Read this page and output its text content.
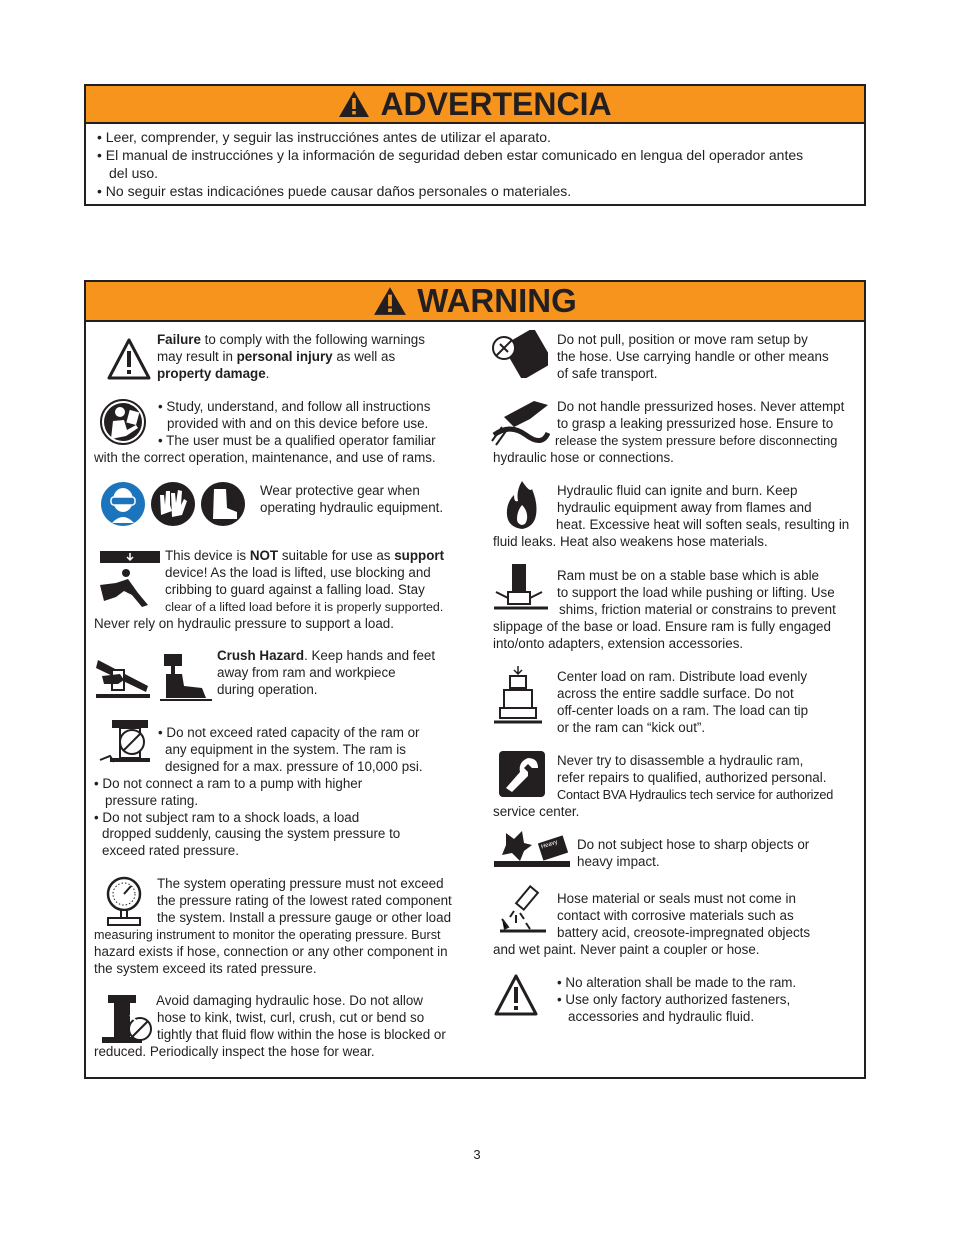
ADVERTENCIA
• Leer, comprender, y seguir las instrucciónes antes de utilizar el aparato.
• El manual de instrucciónes y la información de seguridad deben estar comunicado en lengua del operador antes
del uso.
• No seguir estas indicaciónes puede causar daños personales o materiales.
WARNING
Failure to comply with the following warnings
may result in personal injury as well as
property damage.
• Study, understand, and follow all instructions
provided with and on this device before use.
• The user must be a qualified operator familiar
with the correct operation, maintenance, and use of rams.
Wear protective gear when
operating hydraulic equipment.
This device is NOT suitable for use as support
device! As the load is lifted, use blocking and
cribbing to guard against a falling load. Stay
clear of a lifted load before it is properly supported.
Never rely on hydraulic pressure to support a load.
Crush Hazard. Keep hands and feet
away from ram and workpiece
during operation.
• Do not exceed rated capacity of the ram or
any equipment in the system. The ram is
designed for a max. pressure of 10,000 psi.
• Do not connect a ram to a pump with higher
pressure rating.
• Do not subject ram to a shock loads, a load
dropped suddenly, causing the system pressure to
exceed rated pressure.
The system operating pressure must not exceed
the pressure rating of the lowest rated component
the system. Install a pressure gauge or other load
measuring instrument to monitor the operating pressure. Burst
hazard exists if hose, connection or any other component in
the system exceed its rated pressure.
Avoid damaging hydraulic hose. Do not allow
hose to kink, twist, curl, crush, cut or bend so
tightly that fluid flow within the hose is blocked or
reduced. Periodically inspect the hose for wear.
Do not pull, position or move ram setup by
the hose. Use carrying handle or other means
of safe transport.
Do not handle pressurized hoses. Never attempt
to grasp a leaking pressurized hose. Ensure to
release the system pressure before disconnecting
hydraulic hose or connections.
Hydraulic fluid can ignite and burn. Keep
hydraulic equipment away from flames and
heat. Excessive heat will soften seals, resulting in
fluid leaks. Heat also weakens hose materials.
Ram must be on a stable base which is able
to support the load while pushing or lifting. Use
shims, friction material or constrains to prevent
slippage of the base or load. Ensure ram is fully engaged
into/onto adapters, extension accessories.
Center load on ram. Distribute load evenly
across the entire saddle surface. Do not
off-center loads on a ram. The load can tip
or the ram can “kick out”.
Never try to disassemble a hydraulic ram,
refer repairs to qualified, authorized personal.
Contact BVA Hydraulics tech service for authorized
service center.
Heavy Do not subject hose to sharp objects or
heavy impact.
Hose material or seals must not come in
contact with corrosive materials such as
battery acid, creosote-impregnated objects
and wet paint. Never paint a coupler or hose.
• No alteration shall be made to the ram.
• Use only factory authorized fasteners,
accessories and hydraulic fluid.
3
